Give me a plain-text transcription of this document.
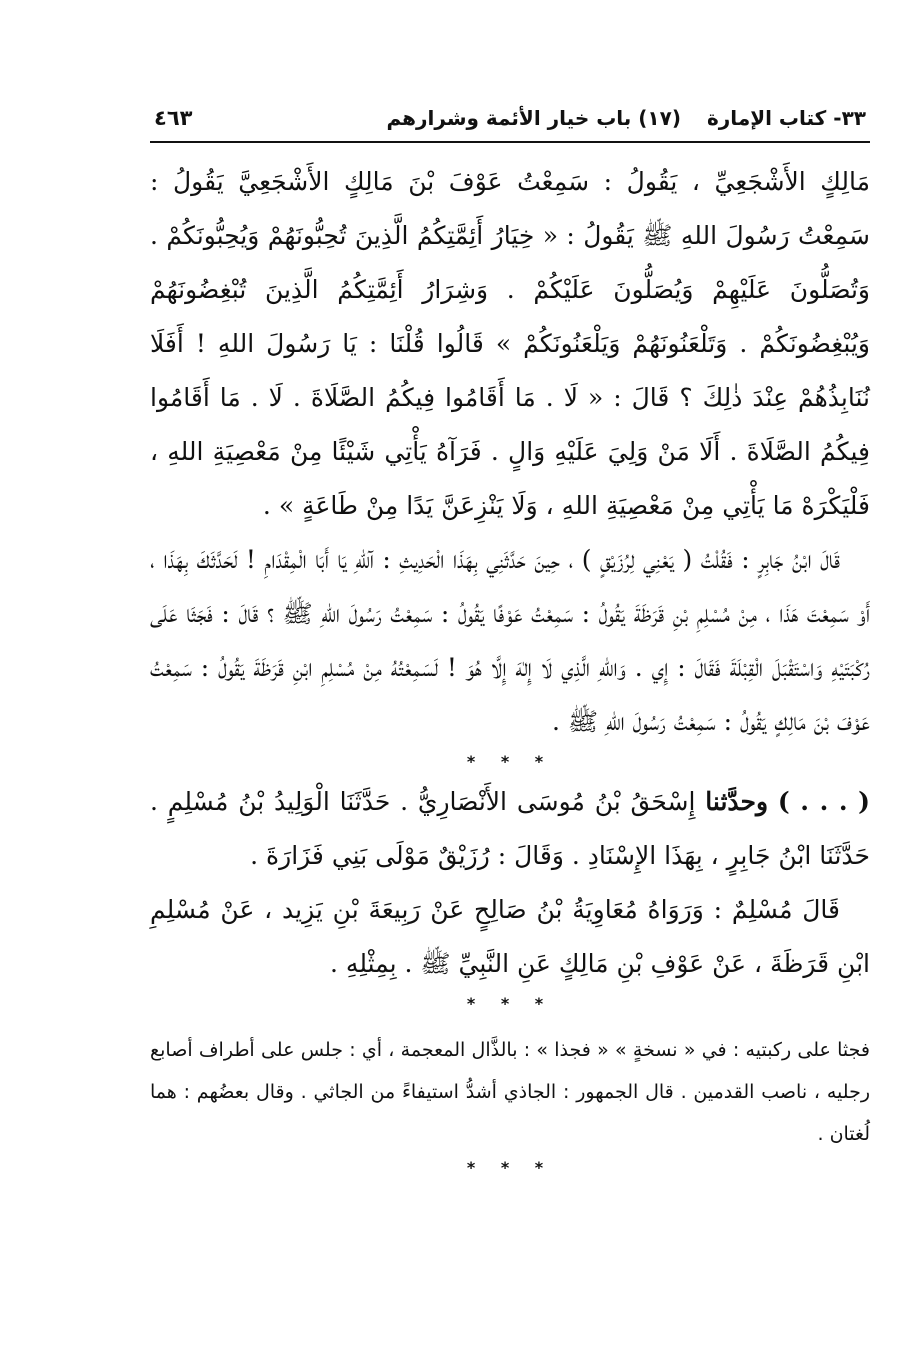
٣٣- كتاب الإمارة
(١٧) باب خيار الأئمة وشرارهم
٤٦٣

مَالِكٍ الأَشْجَعِيِّ ، يَقُولُ : سَمِعْتُ عَوْفَ بْنَ مَالِكٍ الأَشْجَعِيَّ يَقُولُ : سَمِعْتُ رَسُولَ اللهِ ﷺ يَقُولُ : « خِيَارُ أَئِمَّتِكُمُ الَّذِينَ تُحِبُّونَهُمْ وَيُحِبُّونَكُمْ . وَتُصَلُّونَ عَلَيْهِمْ وَيُصَلُّونَ عَلَيْكُمْ . وَشِرَارُ أَئِمَّتِكُمُ الَّذِينَ تُبْغِضُونَهُمْ وَيُبْغِضُونَكُمْ . وَتَلْعَنُونَهُمْ وَيَلْعَنُونَكُمْ » قَالُوا قُلْنَا : يَا رَسُولَ اللهِ ! أَفَلَا نُنَابِذُهُمْ عِنْدَ ذٰلِكَ ؟ قَالَ : « لَا . مَا أَقَامُوا فِيكُمُ الصَّلَاةَ . لَا . مَا أَقَامُوا فِيكُمُ الصَّلَاةَ . أَلَا مَنْ وَلِيَ عَلَيْهِ وَالٍ . فَرَآهُ يَأْتِي شَيْئًا مِنْ مَعْصِيَةِ اللهِ ، فَلْيَكْرَهْ مَا يَأْتِي مِنْ مَعْصِيَةِ اللهِ ، وَلَا يَنْزِعَنَّ يَدًا مِنْ طَاعَةٍ » .

قَالَ ابْنُ جَابِرٍ : فَقُلْتُ ( يَعْنِي لِرُزَيْقٍ ) ، حِينَ حَدَّثَنِي بِهَذَا الْحَدِيثِ : آللهِ يَا أَبَا الْمِقْدَامِ ! لَحَدَّثَكَ بِهَذَا ، أَوْ سَمِعْتَ هَذَا ، مِنْ مُسْلِمِ بْنِ قَرَظَةَ يَقُولُ : سَمِعْتُ عَوْفًا يَقُولُ : سَمِعْتُ رَسُولَ اللهِ ﷺ ؟ قَالَ : فَجَثَا عَلَى رُكْبَتَيْهِ وَاسْتَقْبَلَ الْقِبْلَةَ فَقَالَ : إِي . وَاللهِ الَّذِي لَا إِلٰهَ إِلَّا هُوَ ! لَسَمِعْتُهُ مِنْ مُسْلِمِ ابْنِ قَرَظَةَ يَقُولُ : سَمِعْتُ عَوْفَ بْنَ مَالِكٍ يَقُولُ : سَمِعْتُ رَسُولَ اللهِ ﷺ .

* * *

( . . . ) وحدَّثنا إِسْحَقُ بْنُ مُوسَى الأَنْصَارِيُّ . حَدَّثَنَا الْوَلِيدُ بْنُ مُسْلِمٍ . حَدَّثَنَا ابْنُ جَابِرٍ ، بِهَذَا الإِسْنَادِ . وَقَالَ : رُزَيْقٌ مَوْلَى بَنِي فَزَارَةَ .

قَالَ مُسْلِمٌ : وَرَوَاهُ مُعَاوِيَةُ بْنُ صَالِحٍ عَنْ رَبِيعَةَ بْنِ يَزِيد ، عَنْ مُسْلِمِ ابْنِ قَرَظَةَ ، عَنْ عَوْفِ بْنِ مَالِكٍ عَنِ النَّبِيِّ ﷺ . بِمِثْلِهِ .

* * *

فجثا على ركبتيه : في « نسخةٍ » « فجذا » : بالذَّال المعجمة ، أي : جلس على أطراف أصابع رجليه ، ناصب القدمين . قال الجمهور : الجاذي أشدُّ استيفاءً من الجاثي . وقال بعضُهم : هما لُغتان .

* * *
